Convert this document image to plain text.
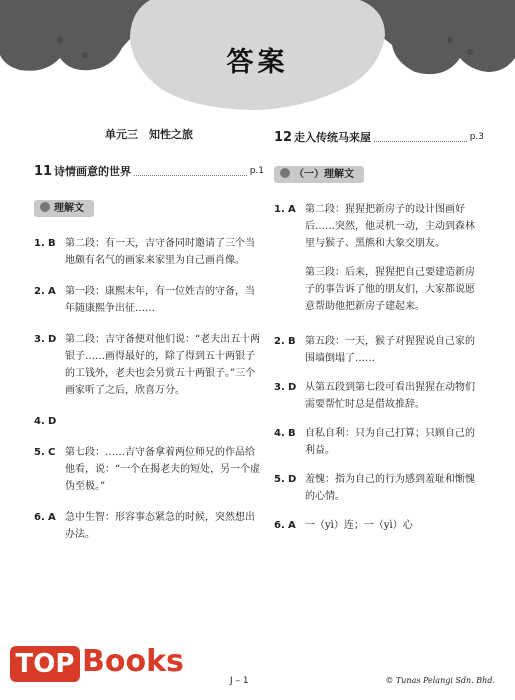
答案
单元三　知性之旅
11 诗情画意的世界	p.1
理解文
1. B 第二段：有一天，吉守备同时邀请了三个当地颇有名气的画家来家里为自己画肖像。
2. A 第一段：康熙末年，有一位姓吉的守备，当年随康熙争出征……
3. D 第二段：吉守备便对他们说：“老夫出五十两银子……画得最好的，除了得到五十两银子的工钱外，老夫也会另赏五十两银子。”三个画家听了之后，欣喜万分。
4. D
5. C 第七段：……吉守备拿着两位师兄的作品给他看，说：“一个在揭老夫的短处，另一个虚伪至极。”
6. A 急中生智：形容事态紧急的时候，突然想出办法。
12 走入传统马来屋	p.3
（一）理解文
1. A 第二段：猩猩把新房子的设计图画好后……突然，他灵机一动，主动到森林里与猴子、黑熊和大象交朋友。
第三段：后来，猩猩把自己要建造新房子的事告诉了他的朋友们，大家都说愿意帮助他把新房子建起来。
2. B 第五段：一天，猴子对猩猩说自己家的围墙倒塌了……
3. D 从第五段到第七段可看出猩猩在动物们需要帮忙时总是借故推辞。
4. B 自私自利：只为自己打算；只顾自己的利益。
5. D 羞愧：指为自己的行为感到羞耻和惭愧的心情。
6. A 一（yì）连；一（yì）心
TOP Books
J – 1	© Tunas Pelangi Sdn. Bhd.
